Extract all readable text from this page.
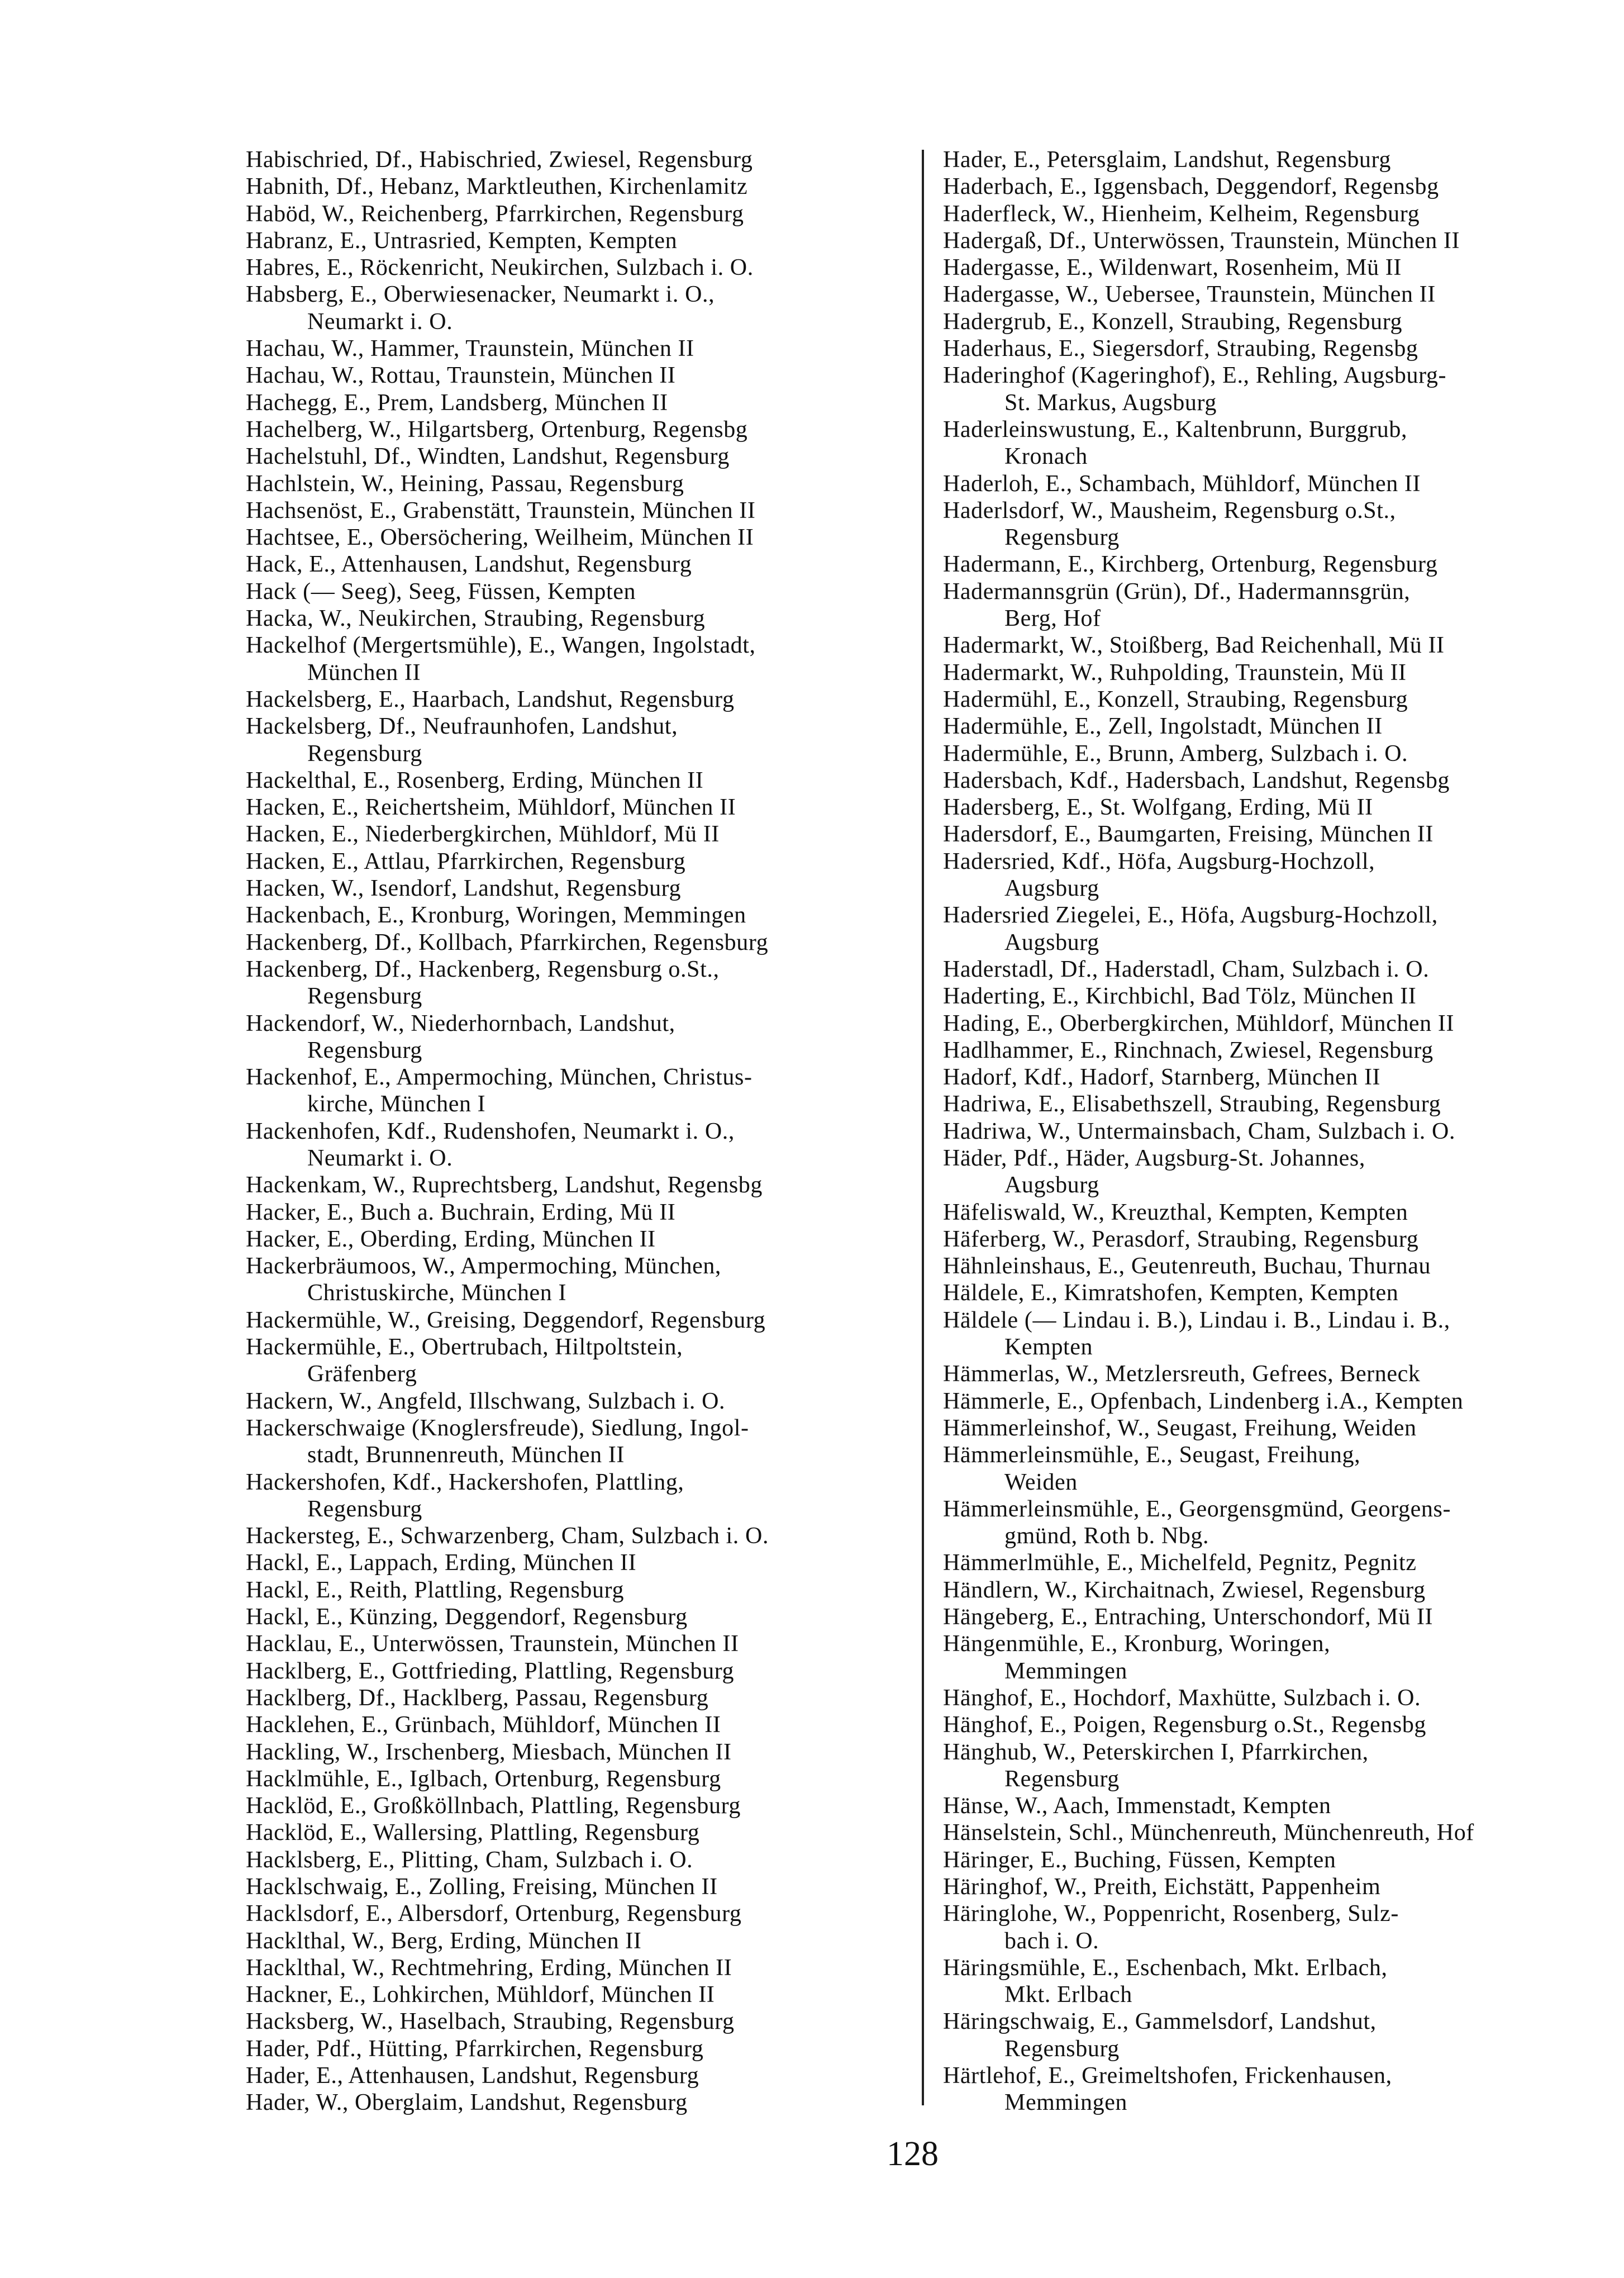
Habischried, Df., Habischried, Zwiesel, Regensburg
Habnith, Df., Hebanz, Marktleuthen, Kirchenlamitz
Haböd, W., Reichenberg, Pfarrkirchen, Regensburg
Habranz, E., Untrasried, Kempten, Kempten
Habres, E., Röckenricht, Neukirchen, Sulzbach i. O.
Habsberg, E., Oberwiesenacker, Neumarkt i. O.,
Neumarkt i. O.
Hachau, W., Hammer, Traunstein, München II
Hachau, W., Rottau, Traunstein, München II
Hachegg, E., Prem, Landsberg, München II
Hachelberg, W., Hilgartsberg, Ortenburg, Regensbg
Hachelstuhl, Df., Windten, Landshut, Regensburg
Hachlstein, W., Heining, Passau, Regensburg
Hachsenöst, E., Grabenstätt, Traunstein, München II
Hachtsee, E., Obersöchering, Weilheim, München II
Hack, E., Attenhausen, Landshut, Regensburg
Hack (— Seeg), Seeg, Füssen, Kempten
Hacka, W., Neukirchen, Straubing, Regensburg
Hackelhof (Mergertsmühle), E., Wangen, Ingolstadt,
München II
Hackelsberg, E., Haarbach, Landshut, Regensburg
Hackelsberg, Df., Neufraunhofen, Landshut,
Regensburg
Hackelthal, E., Rosenberg, Erding, München II
Hacken, E., Reichertsheim, Mühldorf, München II
Hacken, E., Niederbergkirchen, Mühldorf, Mü II
Hacken, E., Attlau, Pfarrkirchen, Regensburg
Hacken, W., Isendorf, Landshut, Regensburg
Hackenbach, E., Kronburg, Woringen, Memmingen
Hackenberg, Df., Kollbach, Pfarrkirchen, Regensburg
Hackenberg, Df., Hackenberg, Regensburg o.St.,
Regensburg
Hackendorf, W., Niederhornbach, Landshut,
Regensburg
Hackenhof, E., Ampermoching, München, Christus-
kirche, München I
Hackenhofen, Kdf., Rudenshofen, Neumarkt i. O.,
Neumarkt i. O.
Hackenkam, W., Ruprechtsberg, Landshut, Regensbg
Hacker, E., Buch a. Buchrain, Erding, Mü II
Hacker, E., Oberding, Erding, München II
Hackerbräumoos, W., Ampermoching, München,
Christuskirche, München I
Hackermühle, W., Greising, Deggendorf, Regensburg
Hackermühle, E., Obertrubach, Hiltpoltstein,
Gräfenberg
Hackern, W., Angfeld, Illschwang, Sulzbach i. O.
Hackerschwaige (Knoglersfreude), Siedlung, Ingol-
stadt, Brunnenreuth, München II
Hackershofen, Kdf., Hackershofen, Plattling,
Regensburg
Hackersteg, E., Schwarzenberg, Cham, Sulzbach i. O.
Hackl, E., Lappach, Erding, München II
Hackl, E., Reith, Plattling, Regensburg
Hackl, E., Künzing, Deggendorf, Regensburg
Hacklau, E., Unterwössen, Traunstein, München II
Hacklberg, E., Gottfrieding, Plattling, Regensburg
Hacklberg, Df., Hacklberg, Passau, Regensburg
Hacklehen, E., Grünbach, Mühldorf, München II
Hackling, W., Irschenberg, Miesbach, München II
Hacklmühle, E., Iglbach, Ortenburg, Regensburg
Hacklöd, E., Großköllnbach, Plattling, Regensburg
Hacklöd, E., Wallersing, Plattling, Regensburg
Hacklsberg, E., Plitting, Cham, Sulzbach i. O.
Hacklschwaig, E., Zolling, Freising, München II
Hacklsdorf, E., Albersdorf, Ortenburg, Regensburg
Hacklthal, W., Berg, Erding, München II
Hacklthal, W., Rechtmehring, Erding, München II
Hackner, E., Lohkirchen, Mühldorf, München II
Hacksberg, W., Haselbach, Straubing, Regensburg
Hader, Pdf., Hütting, Pfarrkirchen, Regensburg
Hader, E., Attenhausen, Landshut, Regensburg
Hader, W., Oberglaim, Landshut, Regensburg
Hader, E., Petersglaim, Landshut, Regensburg
Haderbach, E., Iggensbach, Deggendorf, Regensbg
Haderfleck, W., Hienheim, Kelheim, Regensburg
Hadergaß, Df., Unterwössen, Traunstein, München II
Hadergasse, E., Wildenwart, Rosenheim, Mü II
Hadergasse, W., Uebersee, Traunstein, München II
Hadergrub, E., Konzell, Straubing, Regensburg
Haderhaus, E., Siegersdorf, Straubing, Regensbg
Haderinghof (Kageringhof), E., Rehling, Augsburg-
St. Markus, Augsburg
Haderleinswustung, E., Kaltenbrunn, Burggrub,
Kronach
Haderloh, E., Schambach, Mühldorf, München II
Haderlsdorf, W., Mausheim, Regensburg o.St.,
Regensburg
Hadermann, E., Kirchberg, Ortenburg, Regensburg
Hadermannsgrün (Grün), Df., Hadermannsgrün,
Berg, Hof
Hadermarkt, W., Stoißberg, Bad Reichenhall, Mü II
Hadermarkt, W., Ruhpolding, Traunstein, Mü II
Hadermühl, E., Konzell, Straubing, Regensburg
Hadermühle, E., Zell, Ingolstadt, München II
Hadermühle, E., Brunn, Amberg, Sulzbach i. O.
Hadersbach, Kdf., Hadersbach, Landshut, Regensbg
Hadersberg, E., St. Wolfgang, Erding, Mü II
Hadersdorf, E., Baumgarten, Freising, München II
Hadersried, Kdf., Höfa, Augsburg-Hochzoll,
Augsburg
Hadersried Ziegelei, E., Höfa, Augsburg-Hochzoll,
Augsburg
Haderstadl, Df., Haderstadl, Cham, Sulzbach i. O.
Haderting, E., Kirchbichl, Bad Tölz, München II
Hading, E., Oberbergkirchen, Mühldorf, München II
Hadlhammer, E., Rinchnach, Zwiesel, Regensburg
Hadorf, Kdf., Hadorf, Starnberg, München II
Hadriwa, E., Elisabethszell, Straubing, Regensburg
Hadriwa, W., Untermainsbach, Cham, Sulzbach i. O.
Häder, Pdf., Häder, Augsburg-St. Johannes,
Augsburg
Häfeliswald, W., Kreuzthal, Kempten, Kempten
Häferberg, W., Perasdorf, Straubing, Regensburg
Hähnleinshaus, E., Geutenreuth, Buchau, Thurnau
Häldele, E., Kimratshofen, Kempten, Kempten
Häldele (— Lindau i. B.), Lindau i. B., Lindau i. B.,
Kempten
Hämmerlas, W., Metzlersreuth, Gefrees, Berneck
Hämmerle, E., Opfenbach, Lindenberg i.A., Kempten
Hämmerleinshof, W., Seugast, Freihung, Weiden
Hämmerleinsmühle, E., Seugast, Freihung,
Weiden
Hämmerleinsmühle, E., Georgensgmünd, Georgens-
gmünd, Roth b. Nbg.
Hämmerlmühle, E., Michelfeld, Pegnitz, Pegnitz
Händlern, W., Kirchaitnach, Zwiesel, Regensburg
Hängeberg, E., Entraching, Unterschondorf, Mü II
Hängenmühle, E., Kronburg, Woringen,
Memmingen
Hänghof, E., Hochdorf, Maxhütte, Sulzbach i. O.
Hänghof, E., Poigen, Regensburg o.St., Regensbg
Hänghub, W., Peterskirchen I, Pfarrkirchen,
Regensburg
Hänse, W., Aach, Immenstadt, Kempten
Hänselstein, Schl., Münchenreuth, Münchenreuth, Hof
Häringer, E., Buching, Füssen, Kempten
Häringhof, W., Preith, Eichstätt, Pappenheim
Häringlohe, W., Poppenricht, Rosenberg, Sulz-
bach i. O.
Häringsmühle, E., Eschenbach, Mkt. Erlbach,
Mkt. Erlbach
Häringschwaig, E., Gammelsdorf, Landshut,
Regensburg
Härtlehof, E., Greimeltshofen, Frickenhausen,
Memmingen
128
